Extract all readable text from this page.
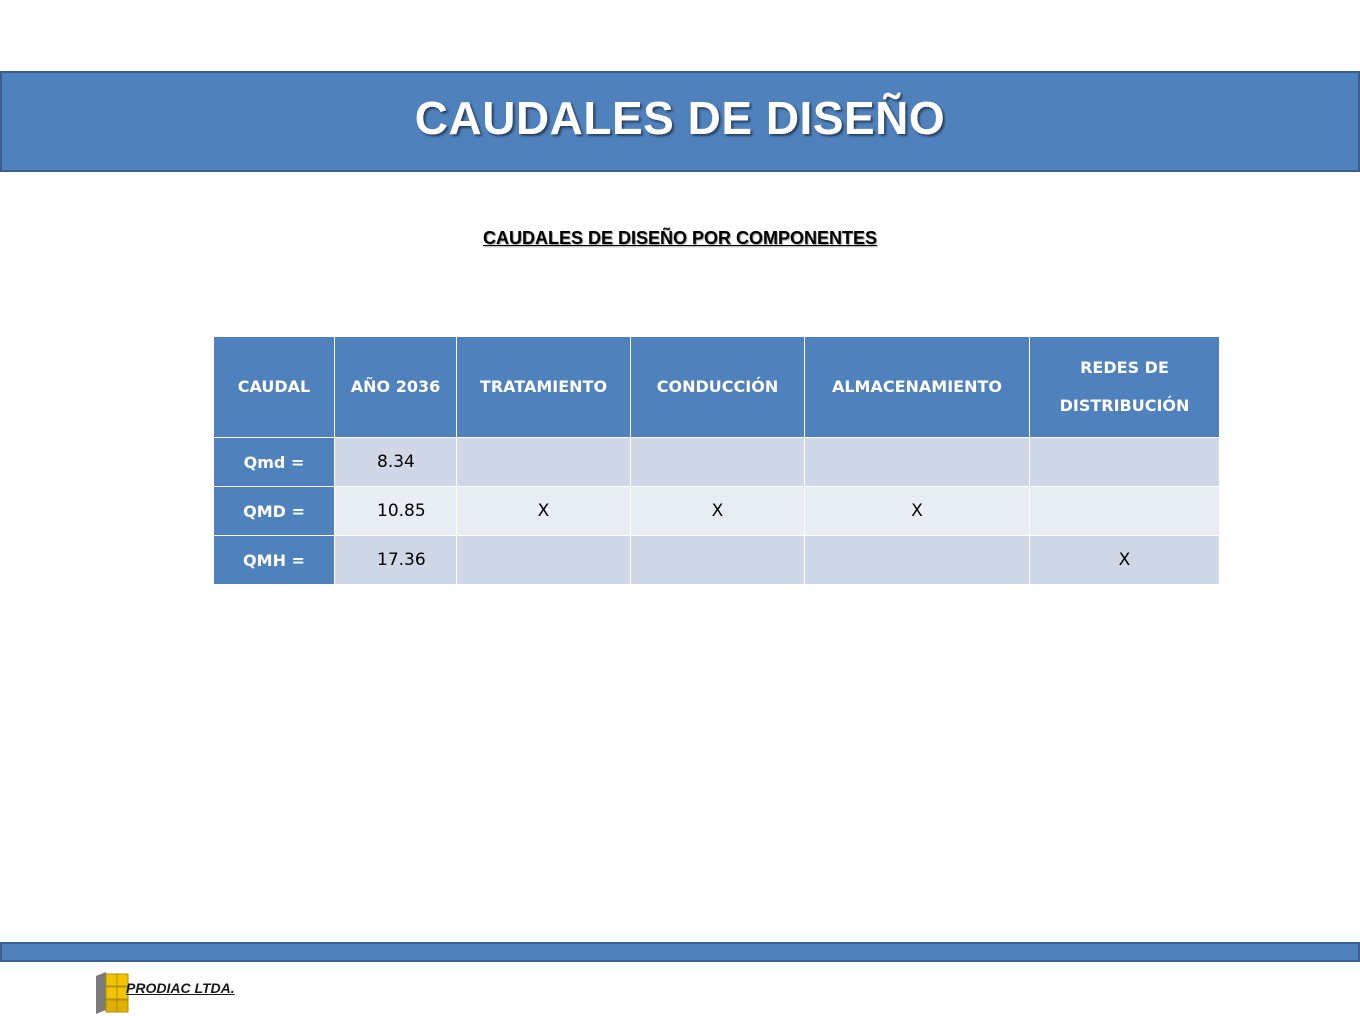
CAUDALES DE DISEÑO
CAUDALES DE DISEÑO POR COMPONENTES
CAUDAL	AÑO 2036	TRATAMIENTO	CONDUCCIÓN	ALMACENAMIENTO	REDES DE
DISTRIBUCIÓN
Qmd =	8.34				
QMD =	10.85	X	X	X	
QMH =	17.36				X
PRODIAC LTDA.
